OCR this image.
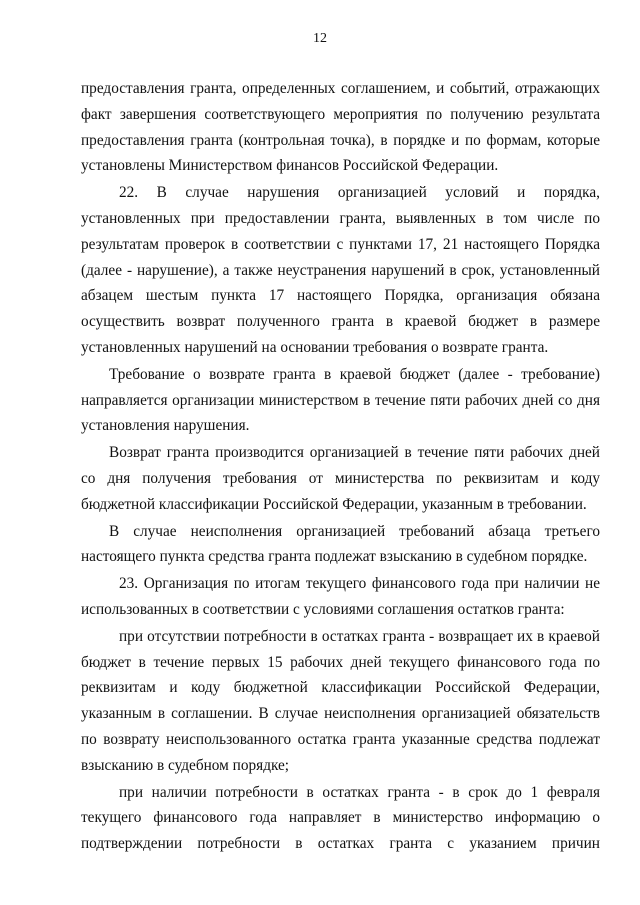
12

предоставления гранта, определенных соглашением, и событий, отражающих факт завершения соответствующего мероприятия по получению результата предоставления гранта (контрольная точка), в порядке и по формам, которые установлены Министерством финансов Российской Федерации.

22. В случае нарушения организацией условий и порядка, установленных при предоставлении гранта, выявленных в том числе по результатам проверок в соответствии с пунктами 17, 21 настоящего Порядка (далее - нарушение), а также неустранения нарушений в срок, установленный абзацем шестым пункта 17 настоящего Порядка, организация обязана осуществить возврат полученного гранта в краевой бюджет в размере установленных нарушений на основании требования о возврате гранта.

Требование о возврате гранта в краевой бюджет (далее - требование) направляется организации министерством в течение пяти рабочих дней со дня установления нарушения.

Возврат гранта производится организацией в течение пяти рабочих дней со дня получения требования от министерства по реквизитам и коду бюджетной классификации Российской Федерации, указанным в требовании.

В случае неисполнения организацией требований абзаца третьего настоящего пункта средства гранта подлежат взысканию в судебном порядке.

23. Организация по итогам текущего финансового года при наличии не использованных в соответствии с условиями соглашения остатков гранта:

при отсутствии потребности в остатках гранта - возвращает их в краевой бюджет в течение первых 15 рабочих дней текущего финансового года по реквизитам и коду бюджетной классификации Российской Федерации, указанным в соглашении. В случае неисполнения организацией обязательств по возврату неиспользованного остатка гранта указанные средства подлежат взысканию в судебном порядке;

при наличии потребности в остатках гранта - в срок до 1 февраля текущего финансового года направляет в министерство информацию о подтверждении потребности в остатках гранта с указанием причин
